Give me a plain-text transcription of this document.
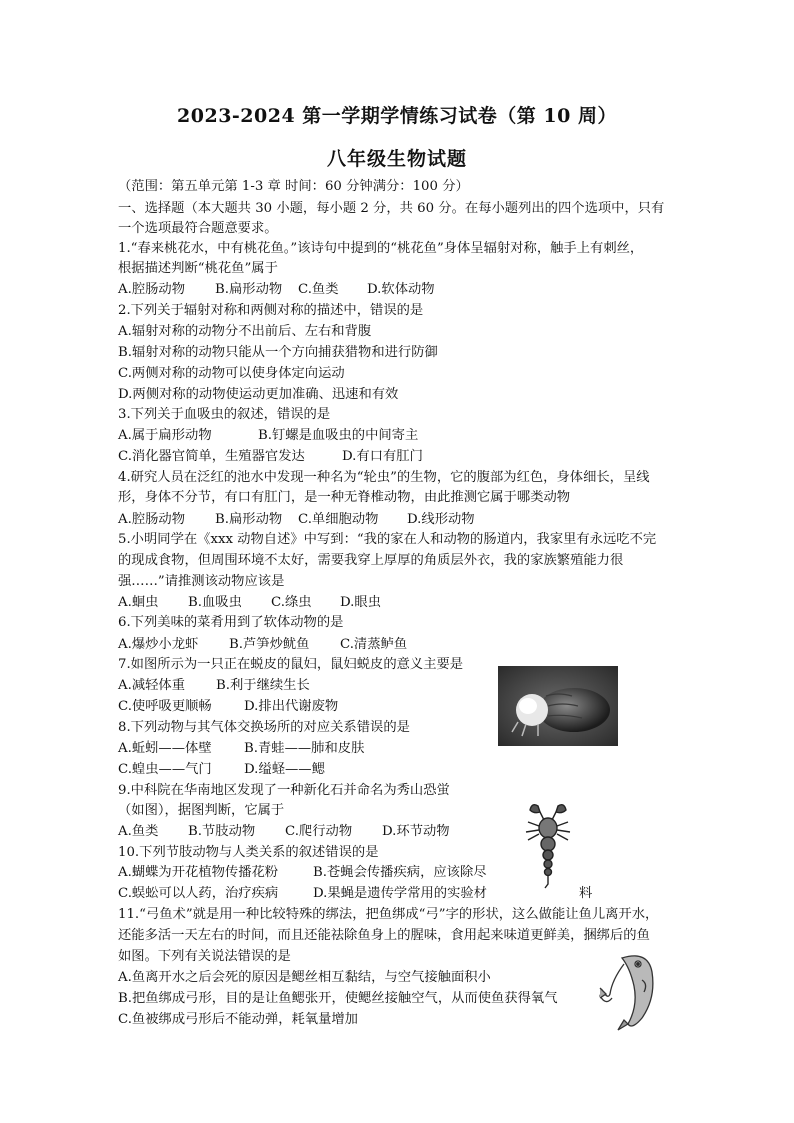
2023-2024 第一学期学情练习试卷（第 10 周）
八年级生物试题
（范围：第五单元第 1-3 章 时间：60 分钟满分：100 分）
一、选择题（本大题共 30 小题，每小题 2 分，共 60 分。在每小题列出的四个选项中，只有
一个选项最符合题意要求。
1.“春来桃花水，中有桃花鱼。”该诗句中提到的“桃花鱼”身体呈辐射对称，触手上有刺丝，
根据描述判断“桃花鱼”属于
A.腔肠动物 B.扁形动物 C.鱼类 D.软体动物
2.下列关于辐射对称和两侧对称的描述中，错误的是
A.辐射对称的动物分不出前后、左右和背腹
B.辐射对称的动物只能从一个方向捕获猎物和进行防御
C.两侧对称的动物可以使身体定向运动
D.两侧对称的动物使运动更加准确、迅速和有效
3.下列关于血吸虫的叙述，错误的是
A.属于扁形动物	B.钉螺是血吸虫的中间寄主
C.消化器官简单，生殖器官发达	D.有口有肛门
4.研究人员在泛红的池水中发现一种名为“轮虫”的生物，它的腹部为红色，身体细长，呈线
形，身体不分节，有口有肛门，是一种无脊椎动物，由此推测它属于哪类动物
A.腔肠动物 B.扁形动物 C.单细胞动物 D.线形动物
5.小明同学在《xxx 动物自述》中写到：“我的家在人和动物的肠道内，我家里有永远吃不完
的现成食物，但周围环境不太好，需要我穿上厚厚的角质层外衣，我的家族繁殖能力很
强……”请推测该动物应该是
A.蛔虫 B.血吸虫 C.绦虫 D.眼虫
6.下列美味的菜肴用到了软体动物的是
A.爆炒小龙虾 B.芦笋炒鱿鱼 C.清蒸鲈鱼
7.如图所示为一只正在蜕皮的鼠妇，鼠妇蜕皮的意义主要是
A.减轻体重 B.利于继续生长
C.使呼吸更顺畅 D.排出代谢废物
8.下列动物与其气体交换场所的对应关系错误的是
A.蚯蚓——体壁 B.青蛙——肺和皮肤
C.蝗虫——气门 D.缢蛏——鳃
9.中科院在华南地区发现了一种新化石并命名为秀山恐蛍
（如图），据图判断，它属于
A.鱼类 B.节肢动物 C.爬行动物 D.环节动物
10.下列节肢动物与人类关系的叙述错误的是
A.蝴蝶为开花植物传播花粉	B.苍蝇会传播疾病，应该除尽
C.蜈蚣可以人药，治疗疾病	D.果蝇是遗传学常用的实验材	料
11.“弓鱼术”就是用一种比较特殊的绑法，把鱼绑成“弓”字的形状，这么做能让鱼儿离开水，
还能多活一天左右的时间，而且还能祛除鱼身上的腥味，食用起来味道更鲜美，捆绑后的鱼
如图。下列有关说法错误的是
A.鱼离开水之后会死的原因是鳃丝相互黏结，与空气接触面积小
B.把鱼绑成弓形，目的是让鱼鳃张开，使鳃丝接触空气，从而使鱼获得氧气
C.鱼被绑成弓形后不能动弹，耗氧量增加
